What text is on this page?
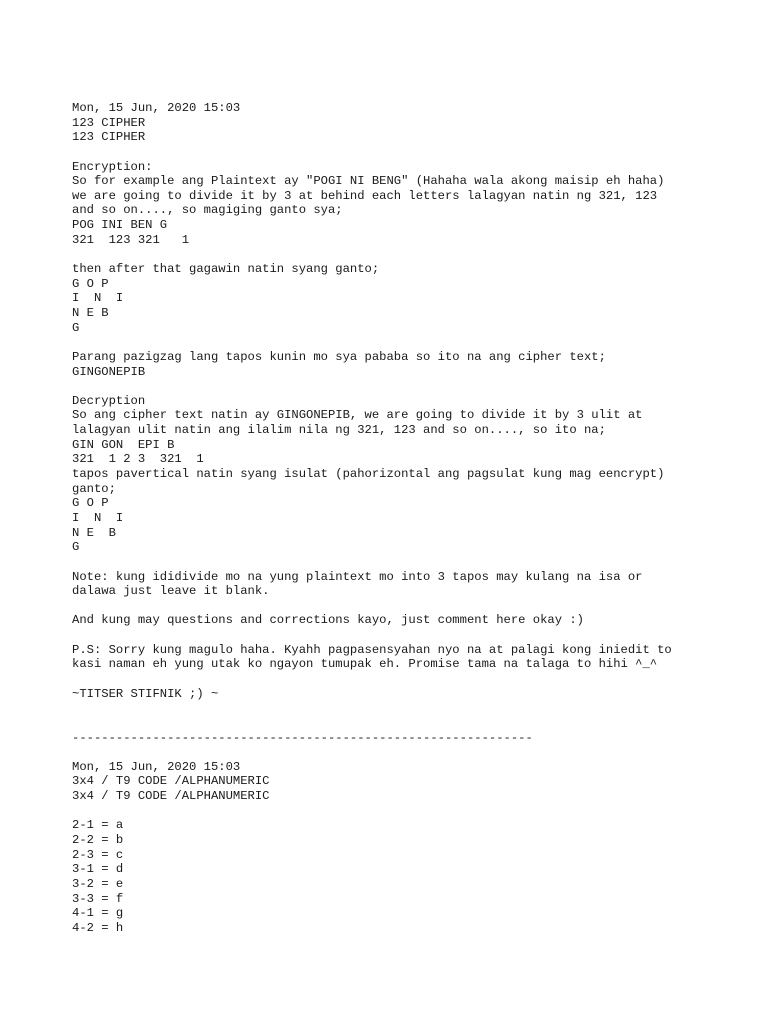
Mon, 15 Jun, 2020 15:03
123 CIPHER
123 CIPHER
Encryption:
So for example ang Plaintext ay "POGI NI BENG" (Hahaha wala akong maisip eh haha)
we are going to divide it by 3 at behind each letters lalagyan natin ng 321, 123
and so on...., so magiging ganto sya;
POG INI BEN G
321  123 321   1
then after that gagawin natin syang ganto;
G O P
I  N  I
N E B
G
Parang pazigzag lang tapos kunin mo sya pababa so ito na ang cipher text;
GINGONEPIB
Decryption
So ang cipher text natin ay GINGONEPIB, we are going to divide it by 3 ulit at
lalagyan ulit natin ang ilalim nila ng 321, 123 and so on...., so ito na;
GIN GON  EPI B
321  1 2 3  321  1
tapos pavertical natin syang isulat (pahorizontal ang pagsulat kung mag eencrypt)
ganto;
G O P
I  N  I
N E  B
G
Note: kung ididivide mo na yung plaintext mo into 3 tapos may kulang na isa or
dalawa just leave it blank.
And kung may questions and corrections kayo, just comment here okay :)
P.S: Sorry kung magulo haha. Kyahh pagpasensyahan nyo na at palagi kong iniedit to
kasi naman eh yung utak ko ngayon tumupak eh. Promise tama na talaga to hihi ^_^
~TITSER STIFNIK ;) ~
---------------------------------------------------------------
Mon, 15 Jun, 2020 15:03
3x4 / T9 CODE /ALPHANUMERIC
3x4 / T9 CODE /ALPHANUMERIC
2-1 = a
2-2 = b
2-3 = c
3-1 = d
3-2 = e
3-3 = f
4-1 = g
4-2 = h
